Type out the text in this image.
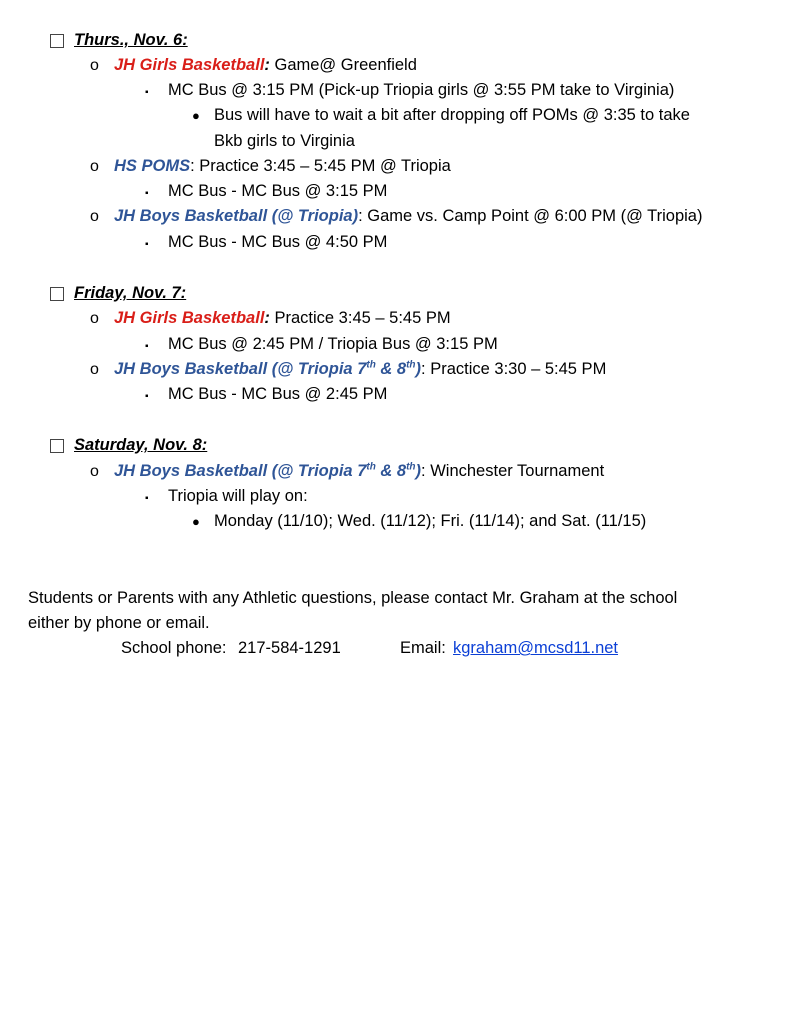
Thurs., Nov. 6:
o JH Girls Basketball: Game@ Greenfield
▪ MC Bus @ 3:15 PM (Pick-up Triopia girls @ 3:55 PM take to Virginia)
● Bus will have to wait a bit after dropping off POMs @ 3:35 to take
Bkb girls to Virginia
o HS POMS: Practice 3:45 – 5:45 PM @ Triopia
▪ MC Bus - MC Bus @ 3:15 PM
o JH Boys Basketball (@ Triopia): Game vs. Camp Point @ 6:00 PM (@ Triopia)
▪ MC Bus - MC Bus @ 4:50 PM
Friday, Nov. 7:
o JH Girls Basketball: Practice 3:45 – 5:45 PM
▪ MC Bus @ 2:45 PM / Triopia Bus @ 3:15 PM
o JH Boys Basketball (@ Triopia 7th & 8th): Practice 3:30 – 5:45 PM
▪ MC Bus - MC Bus @ 2:45 PM
Saturday, Nov. 8:
o JH Boys Basketball (@ Triopia 7th & 8th): Winchester Tournament
▪ Triopia will play on:
● Monday (11/10); Wed. (11/12); Fri. (11/14); and Sat. (11/15)
Students or Parents with any Athletic questions, please contact Mr. Graham at the school
either by phone or email.
School phone: 217-584-1291	Email: kgraham@mcsd11.net
